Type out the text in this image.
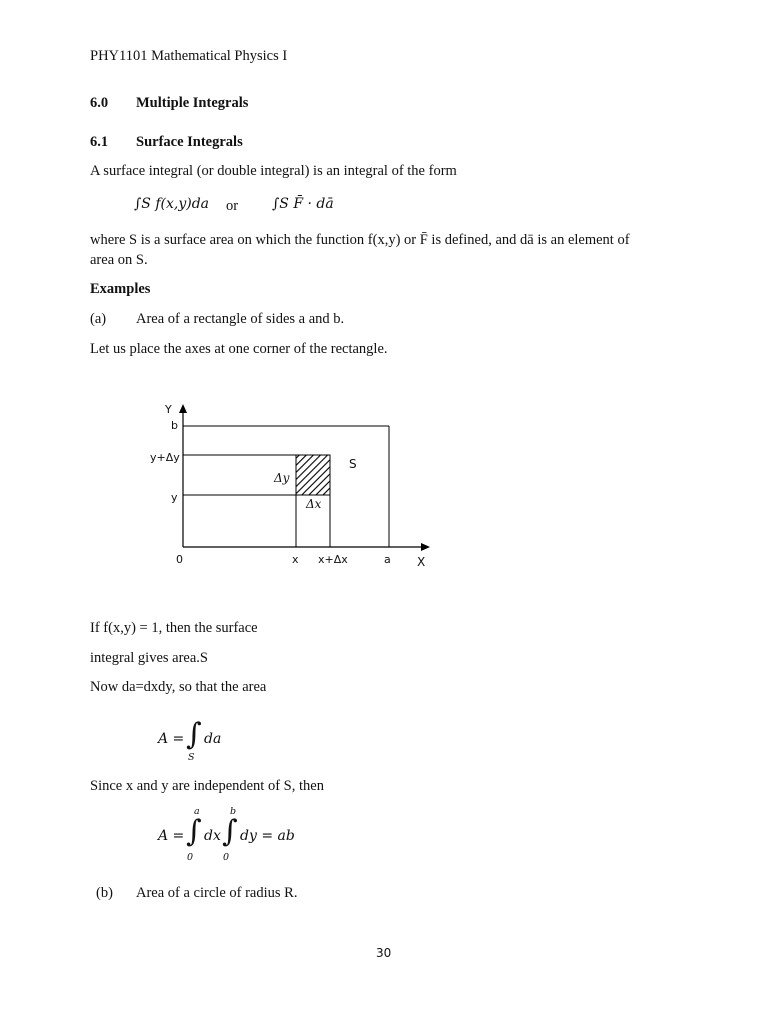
PHY1101 Mathematical Physics I
6.0 Multiple Integrals
6.1 Surface Integrals
A surface integral (or double integral) is an integral of the form
∫S f(x,y)da or ∫S F̄ · dā
where S is a surface area on which the function f(x,y) or F̄ is defined, and dā is an element of
area on S.
Examples
(a) Area of a rectangle of sides a and b.
Let us place the axes at one corner of the rectangle.
Y
b
y+Δy
y
0	x x+Δx	a X
S
Δy
Δx
If f(x,y) = 1, then the surface
integral gives area.S
Now da=dxdy, so that the area
A = ∫ da
S
Since x and y are independent of S, then
A =
a
∫
0
dx
b
∫
0
dy = ab
(b) Area of a circle of radius R.
30
